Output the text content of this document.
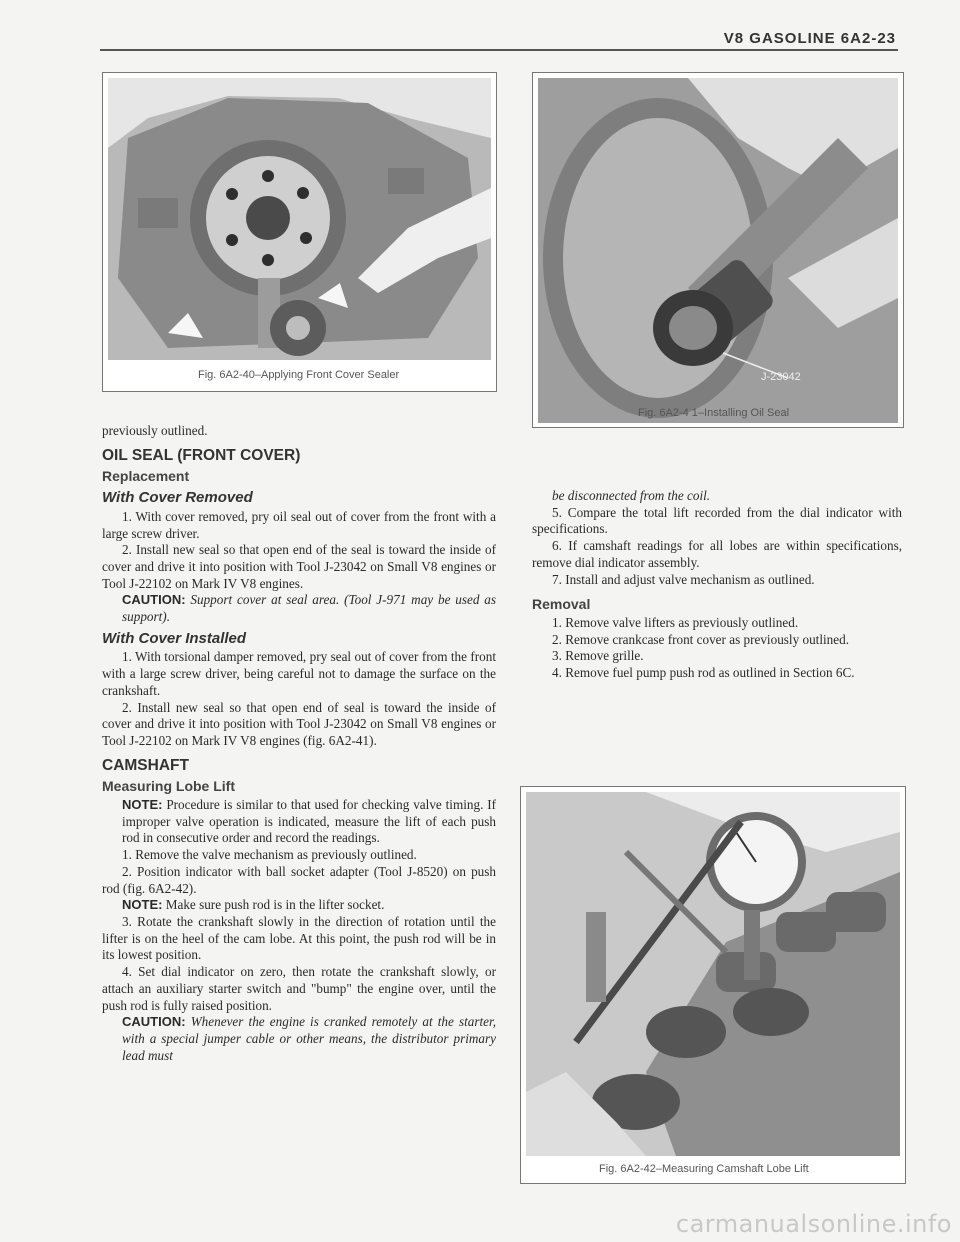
V8 GASOLINE 6A2-23
Fig. 6A2-40–Applying Front Cover Sealer	J-23042
Fig. 6A2-4 1–Installing Oil Seal

previously outlined.

OIL SEAL (FRONT COVER)
Replacement
With Cover Removed

1. With cover removed, pry oil seal out of cover from the front with a large screw driver.

2. Install new seal so that open end of the seal is toward the inside of cover and drive it into position with Tool J-23042 on Small V8 engines or Tool J-22102 on Mark IV V8 engines.

CAUTION: Support cover at seal area. (Tool J-971 may be used as support).

With Cover Installed

1. With torsional damper removed, pry seal out of cover from the front with a large screw driver, being careful not to damage the surface on the crankshaft.

2. Install new seal so that open end of seal is toward the inside of cover and drive it into position with Tool J-23042 on Small V8 engines or Tool J-22102 on Mark IV V8 engines (fig. 6A2-41).

CAMSHAFT
Measuring Lobe Lift

NOTE: Procedure is similar to that used for checking valve timing. If improper valve operation is indicated, measure the lift of each push rod in consecutive order and record the readings.

1. Remove the valve mechanism as previously outlined.

2. Position indicator with ball socket adapter (Tool J-8520) on push rod (fig. 6A2-42).

NOTE: Make sure push rod is in the lifter socket.

3. Rotate the crankshaft slowly in the direction of rotation until the lifter is on the heel of the cam lobe. At this point, the push rod will be in its lowest position.

4. Set dial indicator on zero, then rotate the crankshaft slowly, or attach an auxiliary starter switch and "bump" the engine over, until the push rod is fully raised position.

CAUTION: Whenever the engine is cranked remotely at the starter, with a special jumper cable or other means, the distributor primary lead must

be disconnected from the coil.

5. Compare the total lift recorded from the dial indicator with specifications.

6. If camshaft readings for all lobes are within specifications, remove dial indicator assembly.

7. Install and adjust valve mechanism as outlined.

Removal

1. Remove valve lifters as previously outlined.

2. Remove crankcase front cover as previously outlined.

3. Remove grille.

4. Remove fuel pump push rod as outlined in Section 6C.

Fig. 6A2-42–Measuring Camshaft Lobe Lift
carmanualsonline.info
